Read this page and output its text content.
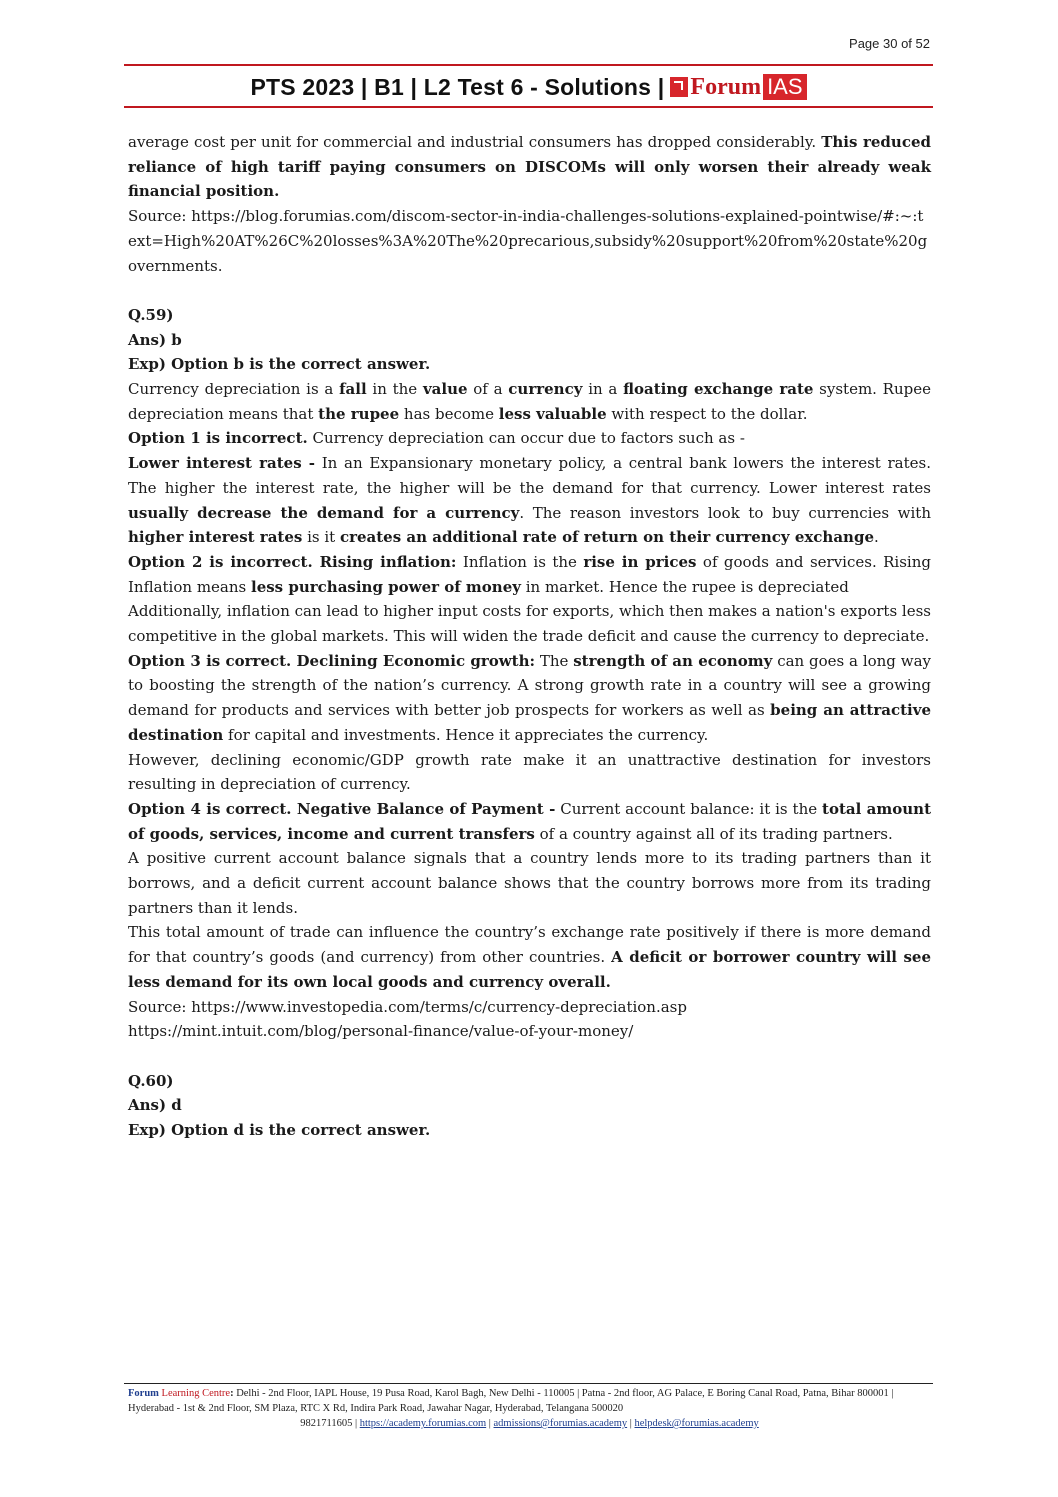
Page 30 of 52
PTS 2023 | B1 | L2 Test 6 - Solutions | Forum IAS

average cost per unit for commercial and industrial consumers has dropped considerably. This reduced reliance of high tariff paying consumers on DISCOMs will only worsen their already weak financial position.

Source: https://blog.forumias.com/discom-sector-in-india-challenges-solutions-explained-pointwise/#:~:text=High%20AT%26C%20losses%3A%20The%20precarious,subsidy%20support%20from%20state%20governments.

Q.59)

Ans) b

Exp) Option b is the correct answer.

Currency depreciation is a fall in the value of a currency in a floating exchange rate system. Rupee depreciation means that the rupee has become less valuable with respect to the dollar.

Option 1 is incorrect. Currency depreciation can occur due to factors such as -

Lower interest rates - In an Expansionary monetary policy, a central bank lowers the interest rates. The higher the interest rate, the higher will be the demand for that currency. Lower interest rates usually decrease the demand for a currency. The reason investors look to buy currencies with higher interest rates is it creates an additional rate of return on their currency exchange.

Option 2 is incorrect. Rising inflation: Inflation is the rise in prices of goods and services. Rising Inflation means less purchasing power of money in market. Hence the rupee is depreciated

Additionally, inflation can lead to higher input costs for exports, which then makes a nation's exports less competitive in the global markets. This will widen the trade deficit and cause the currency to depreciate.

Option 3 is correct. Declining Economic growth: The strength of an economy can goes a long way to boosting the strength of the nation’s currency. A strong growth rate in a country will see a growing demand for products and services with better job prospects for workers as well as being an attractive destination for capital and investments. Hence it appreciates the currency.

However, declining economic/GDP growth rate make it an unattractive destination for investors resulting in depreciation of currency.

Option 4 is correct. Negative Balance of Payment - Current account balance: it is the total amount of goods, services, income and current transfers of a country against all of its trading partners.

A positive current account balance signals that a country lends more to its trading partners than it borrows, and a deficit current account balance shows that the country borrows more from its trading partners than it lends.

This total amount of trade can influence the country’s exchange rate positively if there is more demand for that country’s goods (and currency) from other countries. A deficit or borrower country will see less demand for its own local goods and currency overall.

Source: https://www.investopedia.com/terms/c/currency-depreciation.asp

https://mint.intuit.com/blog/personal-finance/value-of-your-money/

Q.60)

Ans) d

Exp) Option d is the correct answer.

Forum Learning Centre: Delhi - 2nd Floor, IAPL House, 19 Pusa Road, Karol Bagh, New Delhi - 110005 | Patna - 2nd floor, AG Palace, E Boring Canal Road, Patna, Bihar 800001 | Hyderabad - 1st & 2nd Floor, SM Plaza, RTC X Rd, Indira Park Road, Jawahar Nagar, Hyderabad, Telangana 500020
9821711605 | https://academy.forumias.com | admissions@forumias.academy | helpdesk@forumias.academy
